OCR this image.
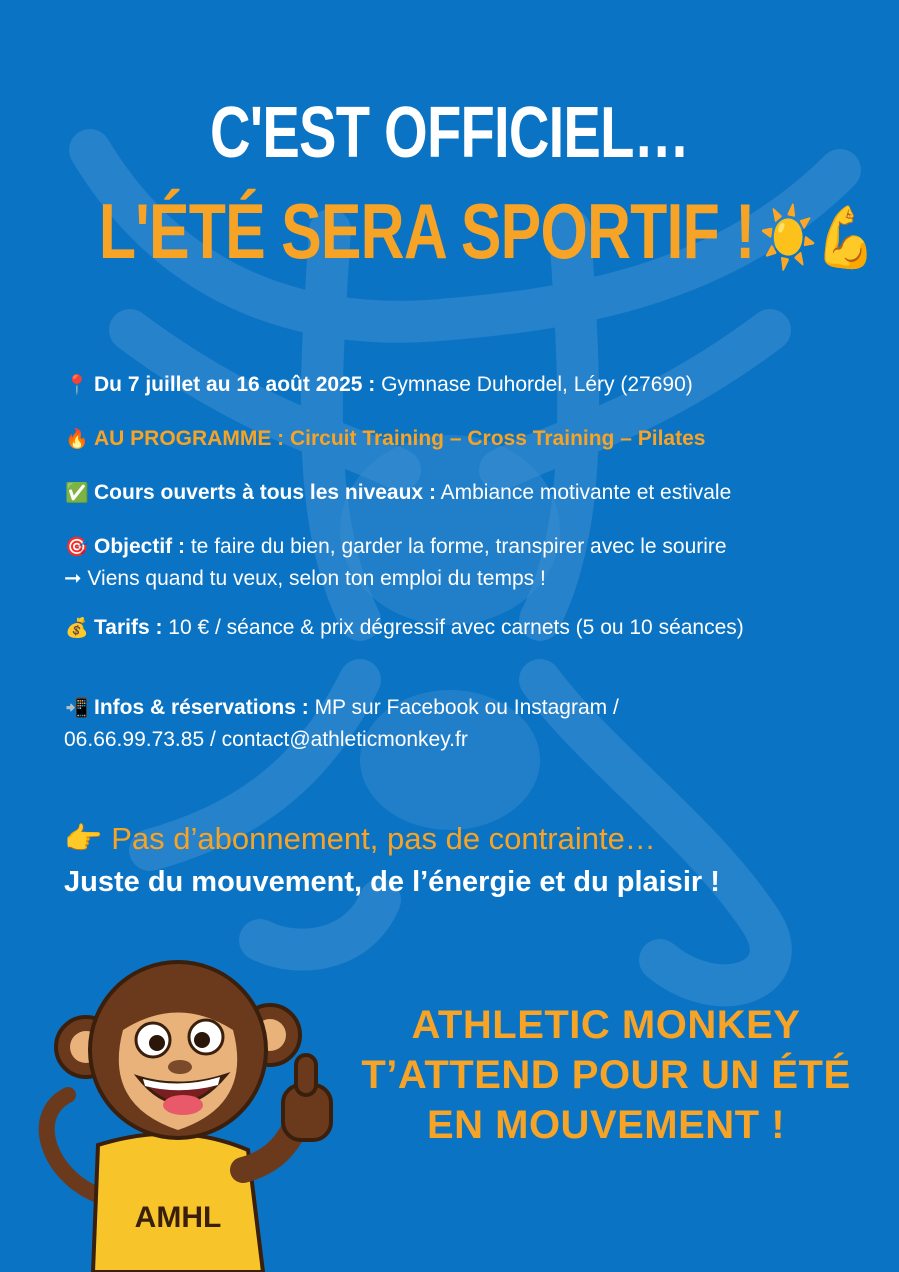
C'EST OFFICIEL…
L'ÉTÉ SERA SPORTIF !☀️💪
📍 Du 7 juillet au 16 août 2025 : Gymnase Duhordel, Léry (27690)
🔥 AU PROGRAMME : Circuit Training – Cross Training – Pilates
✅ Cours ouverts à tous les niveaux : Ambiance motivante et estivale
🎯 Objectif : te faire du bien, garder la forme, transpirer avec le sourire
➞ Viens quand tu veux, selon ton emploi du temps !
💰 Tarifs : 10 € / séance & prix dégressif avec carnets (5 ou 10 séances)
📲 Infos & réservations : MP sur Facebook ou Instagram / 06.66.99.73.85 / contact@athleticmonkey.fr
👉 Pas d’abonnement, pas de contrainte…
Juste du mouvement, de l’énergie et du plaisir !
AMHL
ATHLETIC MONKEY
T’ATTEND POUR UN ÉTÉ
EN MOUVEMENT !
